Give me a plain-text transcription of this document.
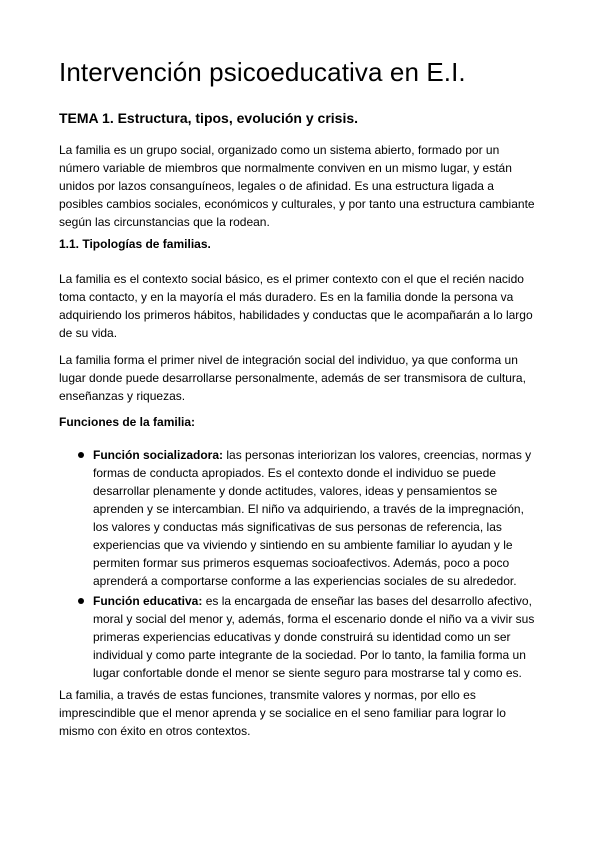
Intervención psicoeducativa en E.I.
TEMA 1. Estructura, tipos, evolución y crisis.
La familia es un grupo social, organizado como un sistema abierto, formado por un
número variable de miembros que normalmente conviven en un mismo lugar, y están
unidos por lazos consanguíneos, legales o de afinidad. Es una estructura ligada a
posibles cambios sociales, económicos y culturales, y por tanto una estructura cambiante
según las circunstancias que la rodean.
1.1. Tipologías de familias.
La familia es el contexto social básico, es el primer contexto con el que el recién nacido
toma contacto, y en la mayoría el más duradero. Es en la familia donde la persona va
adquiriendo los primeros hábitos, habilidades y conductas que le acompañarán a lo largo
de su vida.
La familia forma el primer nivel de integración social del individuo, ya que conforma un
lugar donde puede desarrollarse personalmente, además de ser transmisora de cultura,
enseñanzas y riquezas.
Funciones de la familia:
Función socializadora: las personas interiorizan los valores, creencias, normas y
formas de conducta apropiados. Es el contexto donde el individuo se puede
desarrollar plenamente y donde actitudes, valores, ideas y pensamientos se
aprenden y se intercambian. El niño va adquiriendo, a través de la impregnación,
los valores y conductas más significativas de sus personas de referencia, las
experiencias que va viviendo y sintiendo en su ambiente familiar lo ayudan y le
permiten formar sus primeros esquemas socioafectivos. Además, poco a poco
aprenderá a comportarse conforme a las experiencias sociales de su alrededor.
Función educativa: es la encargada de enseñar las bases del desarrollo afectivo,
moral y social del menor y, además, forma el escenario donde el niño va a vivir sus
primeras experiencias educativas y donde construirá su identidad como un ser
individual y como parte integrante de la sociedad. Por lo tanto, la familia forma un
lugar confortable donde el menor se siente seguro para mostrarse tal y como es.
La familia, a través de estas funciones, transmite valores y normas, por ello es
imprescindible que el menor aprenda y se socialice en el seno familiar para lograr lo
mismo con éxito en otros contextos.
